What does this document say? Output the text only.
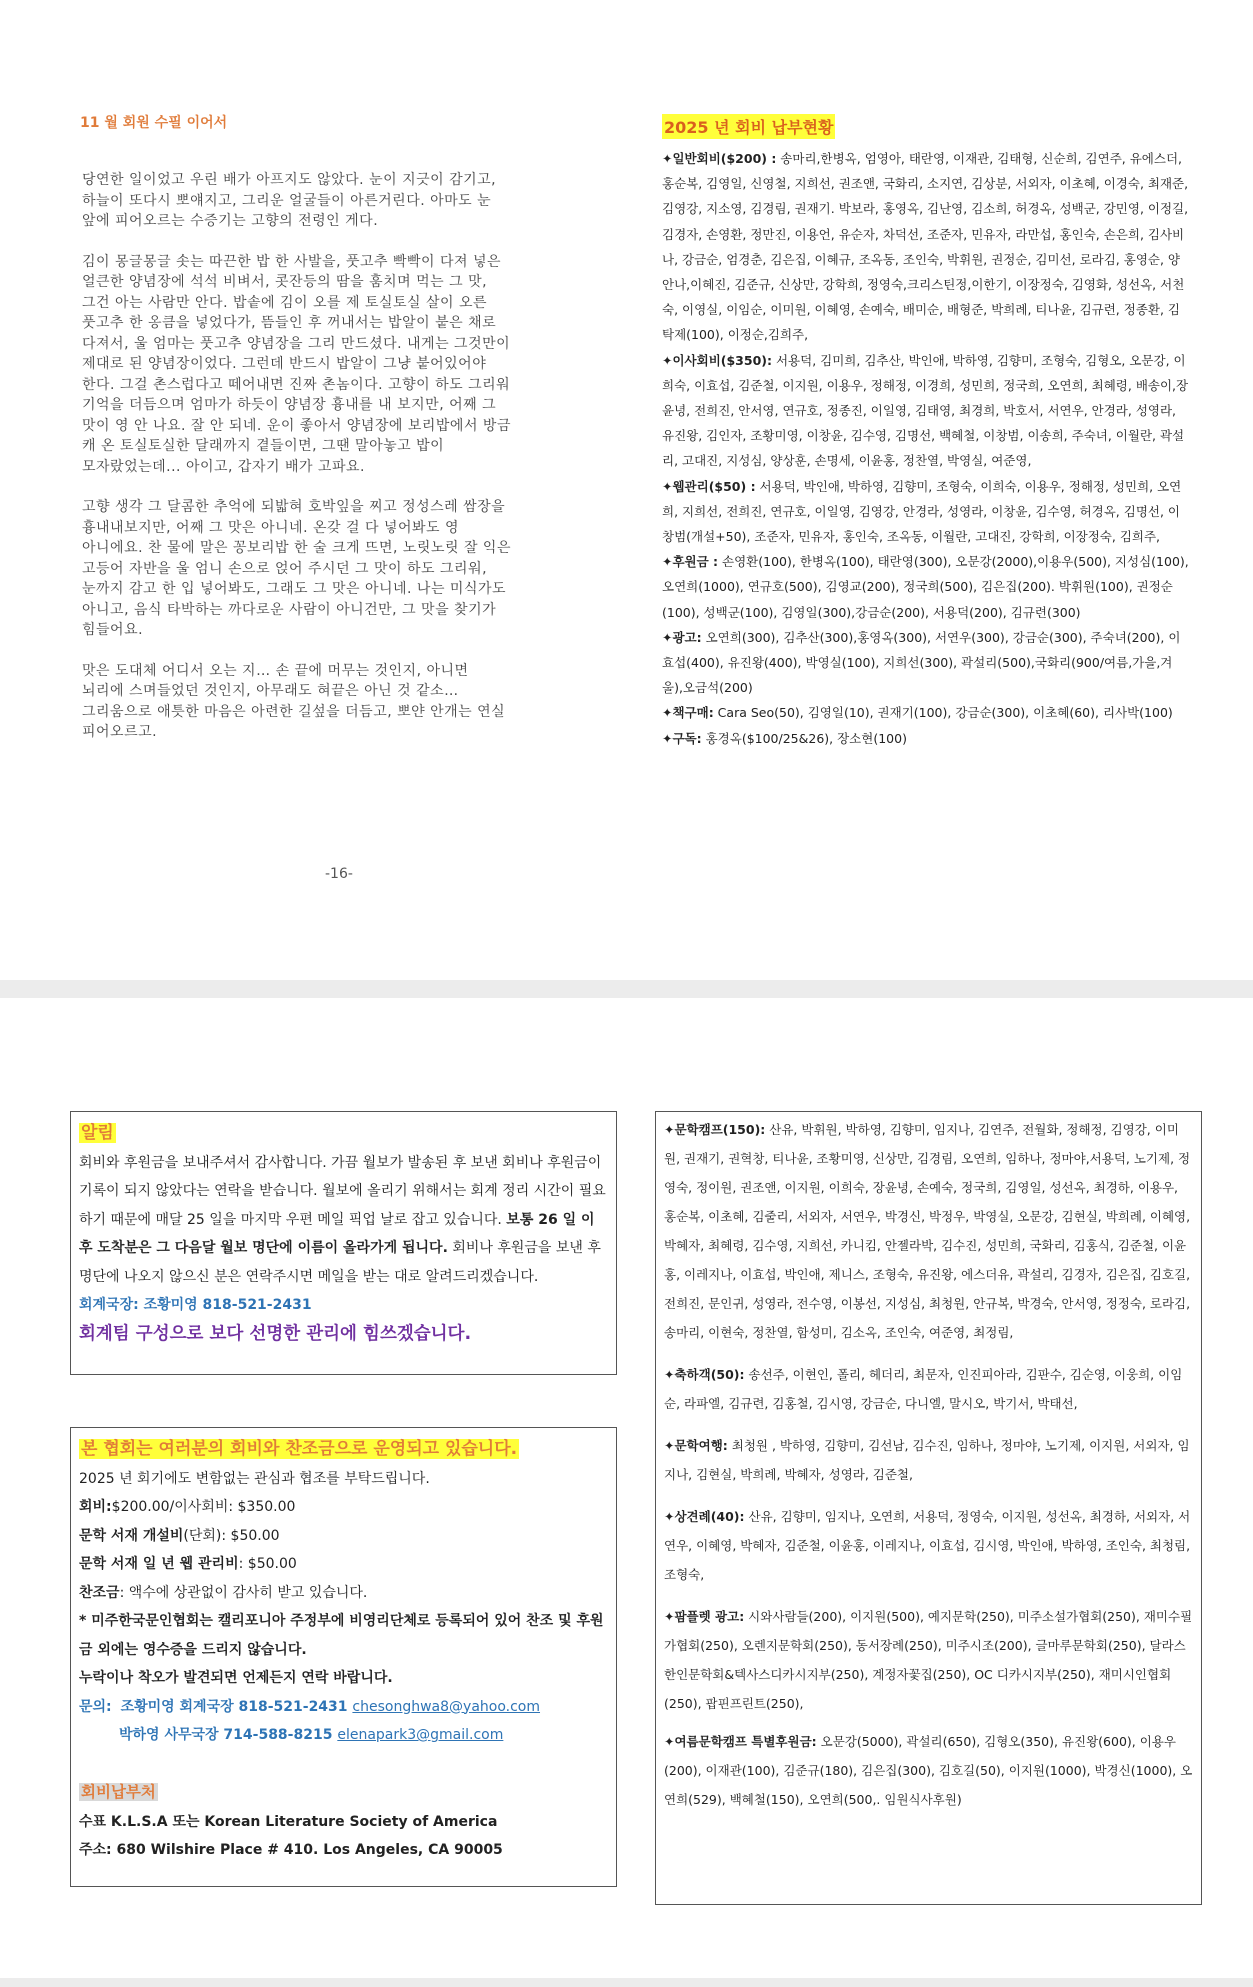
11 월 회원 수필 이어서

당연한 일이었고 우린 배가 아프지도 않았다. 눈이 지긋이 감기고,
하늘이 또다시 뽀얘지고, 그리운 얼굴들이 아른거린다. 아마도 눈
앞에 피어오르는 수증기는 고향의 전령인 게다.

김이 몽글몽글 솟는 따끈한 밥 한 사발을, 풋고추 빡빡이 다져 넣은
얼큰한 양념장에 석석 비벼서, 콧잔등의 땀을 훔치며 먹는 그 맛,
그건 아는 사람만 안다. 밥솥에 김이 오를 제 토실토실 살이 오른
풋고추 한 옹큼을 넣었다가, 뜸들인 후 꺼내서는 밥알이 붙은 채로
다져서, 울 엄마는 풋고추 양념장을 그리 만드셨다. 내게는 그것만이
제대로 된 양념장이었다. 그런데 반드시 밥알이 그냥 붙어있어야
한다. 그걸 촌스럽다고 떼어내면 진짜 촌놈이다. 고향이 하도 그리워
기억을 더듬으며 엄마가 하듯이 양념장 흉내를 내 보지만, 어째 그
맛이 영 안 나요. 잘 안 되네. 운이 좋아서 양념장에 보리밥에서 방금
캐 온 토실토실한 달래까지 곁들이면, 그땐 말아놓고 밥이
모자랐었는데... 아이고, 갑자기 배가 고파요.

고향 생각 그 달콤한 추억에 되밟혀 호박잎을 찌고 정성스레 쌈장을
흉내내보지만, 어째 그 맛은 아니네. 온갖 걸 다 넣어봐도 영
아니에요. 찬 물에 말은 꽁보리밥 한 술 크게 뜨면, 노릿노릿 잘 익은
고등어 자반을 울 엄니 손으로 얹어 주시던 그 맛이 하도 그리워,
눈까지 감고 한 입 넣어봐도, 그래도 그 맛은 아니네. 나는 미식가도
아니고, 음식 타박하는 까다로운 사람이 아니건만, 그 맛을 찾기가
힘들어요.

맛은 도대체 어디서 오는 지… 손 끝에 머무는 것인지, 아니면
뇌리에 스며들었던 것인지, 아무래도 혀끝은 아닌 것 같소…
그리움으로 애틋한 마음은 아련한 길섶을 더듬고, 뽀얀 안개는 연실
피어오르고.

-16-
2025 년 회비 납부현황

✦일반회비($200) : 송마리,한병옥, 엄영아, 태란영, 이재관, 김태형, 신순희, 김연주, 유에스더, 홍순복, 김영일, 신영철, 지희선, 권조앤, 국화리, 소지연, 김상분, 서외자, 이초혜, 이경숙, 최재준, 김영강, 지소영, 김경림, 권재기. 박보라, 홍영옥, 김난영, 김소희, 허경옥, 성백군, 강민영, 이정길, 김경자, 손영환, 정만진, 이용언, 유순자, 차덕선, 조준자, 민유자, 라만섭, 홍인숙, 손은희, 김사비나, 강금순, 엄경춘, 김은집, 이혜규, 조옥동, 조인숙, 박휘원, 권정순, 김미선, 로라김, 홍영순, 양안나,이혜진, 김준규, 신상만, 강학희, 정영숙,크리스틴정,이한기, 이장정숙, 김영화, 성선옥, 서천숙, 이영실, 이임순, 이미원, 이혜영, 손예숙, 배미순, 배형준, 박희례, 티나윤, 김규련, 정종환, 김탁제(100), 이정순,김희주,

✦이사회비($350): 서용덕, 김미희, 김추산, 박인애, 박하영, 김향미, 조형숙, 김형오, 오문강, 이희숙, 이효섭, 김준철, 이지원, 이용우, 정해정, 이경희, 성민희, 정국희, 오연희, 최혜령, 배송이,장윤녕, 전희진, 안서영, 연규호, 정종진, 이일영, 김태영, 최경희, 박호서, 서연우, 안경라, 성영라, 유진왕, 김인자, 조황미영, 이창윤, 김수영, 김명선, 백혜철, 이창범, 이송희, 주숙녀, 이월란, 곽설리, 고대진, 지성심, 양상훈, 손명세, 이윤홍, 정찬열, 박영실, 여준영,

✦웹관리($50) : 서용덕, 박인애, 박하영, 김향미, 조형숙, 이희숙, 이용우, 정해정, 성민희, 오연희, 지희선, 전희진, 연규호, 이일영, 김영강, 안경라, 성영라, 이창윤, 김수영, 허경옥, 김명선, 이창범(개설+50), 조준자, 민유자, 홍인숙, 조옥동, 이월란, 고대진, 강학희, 이장정숙, 김희주,

✦후원금 : 손영환(100), 한병옥(100), 태란영(300), 오문강(2000),이용우(500), 지성심(100), 오연희(1000), 연규호(500), 김영교(200), 정국희(500), 김은집(200). 박휘원(100), 권정순(100), 성백군(100), 김영일(300),강금순(200), 서용덕(200), 김규련(300)

✦광고: 오연희(300), 김추산(300),홍영옥(300), 서연우(300), 강금순(300), 주숙녀(200), 이효섭(400), 유진왕(400), 박영실(100), 지희선(300), 곽설리(500),국화리(900/여름,가을,겨울),오금석(200)

✦책구매: Cara Seo(50), 김영일(10), 권재기(100), 강금순(300), 이초혜(60), 리사박(100)

✦구독: 홍경옥($100/25&26), 장소현(100)

알림
회비와 후원금을 보내주셔서 감사합니다. 가끔 월보가 발송된 후 보낸 회비나 후원금이 기록이 되지 않았다는 연락을 받습니다. 월보에 올리기 위해서는 회계 정리 시간이 필요하기 때문에 매달 25 일을 마지막 우편 메일 픽업 날로 잡고 있습니다. 보통 26 일 이후 도착분은 그 다음달 월보 명단에 이름이 올라가게 됩니다. 회비나 후원금을 보낸 후 명단에 나오지 않으신 분은 연락주시면 메일을 받는 대로 알려드리겠습니다.
회계국장: 조황미영 818-521-2431
회계팀 구성으로 보다 선명한 관리에 힘쓰겠습니다.
본 협회는 여러분의 회비와 찬조금으로 운영되고 있습니다.
2025 년 회기에도 변함없는 관심과 협조를 부탁드립니다.
회비:$200.00/이사회비: $350.00
문학 서재 개설비(단회): $50.00
문학 서재 일 년 웹 관리비: $50.00
찬조금: 액수에 상관없이 감사히 받고 있습니다.
* 미주한국문인협회는 캘리포니아 주정부에 비영리단체로 등록되어 있어 찬조 및 후원금 외에는 영수증을 드리지 않습니다.
누락이나 착오가 발견되면 언제든지 연락 바랍니다.
문의: 조황미영 회계국장 818-521-2431 chesonghwa8@yahoo.com
박하영 사무국장 714-588-8215 elenapark3@gmail.com

회비납부처
수표 K.L.S.A 또는 Korean Literature Society of America
주소: 680 Wilshire Place # 410. Los Angeles, CA 90005

✦문학캠프(150): 산유, 박휘원, 박하영, 김향미, 임지나, 김연주, 전월화, 정해정, 김영강, 이미원, 권재기, 권혁창, 티나윤, 조황미영, 신상만, 김경림, 오연희, 임하나, 정마야,서용덕, 노기제, 정영숙, 정이원, 권조앤, 이지원, 이희숙, 장윤녕, 손예숙, 정국희, 김영일, 성선옥, 최경하, 이용우, 홍순복, 이초혜, 김줄리, 서외자, 서연우, 박경신, 박정우, 박영실, 오문강, 김현실, 박희례, 이혜영, 박혜자, 최혜령, 김수영, 지희선, 카니킴, 안젤라박, 김수진, 성민희, 국화리, 김홍식, 김준철, 이윤홍, 이레지나, 이효섭, 박인애, 제니스, 조형숙, 유진왕, 에스더유, 곽설리, 김경자, 김은집, 김호길, 전희진, 문인귀, 성영라, 전수영, 이봉선, 지성심, 최청원, 안규복, 박경숙, 안서영, 정정숙, 로라김, 송마리, 이현숙, 정찬열, 함성미, 김소옥, 조인숙, 여준영, 최정림,

✦축하객(50): 송선주, 이현인, 폴리, 헤더리, 최문자, 인진피아라, 김판수, 김순영, 이웅희, 이임순, 라파엘, 김규련, 김홍철, 김시영, 강금순, 다니엘, 말시오, 박기서, 박태선,

✦문학여행: 최청원 , 박하영, 김향미, 김선남, 김수진, 임하나, 정마야, 노기제, 이지원, 서외자, 임지나, 김현실, 박희례, 박혜자, 성영라, 김준철,

✦상견례(40): 산유, 김향미, 임지나, 오연희, 서용덕, 정영숙, 이지원, 성선옥, 최경하, 서외자, 서연우, 이혜영, 박혜자, 김준철, 이윤홍, 이레지나, 이효섭, 김시영, 박인애, 박하영, 조인숙, 최청림, 조형숙,

✦팜플렛 광고: 시와사람들(200), 이지원(500), 예지문학(250), 미주소설가협회(250), 재미수필가협회(250), 오렌지문학회(250), 동서장례(250), 미주시조(200), 글마루문학회(250), 달라스한인문학회&텍사스디카시지부(250), 계정자꽃집(250), OC 디카시지부(250), 재미시인협회(250), 팝핀프린트(250),

✦여름문학캠프 특별후원금: 오문강(5000), 곽설리(650), 김형오(350), 유진왕(600), 이용우(200), 이재관(100), 김준규(180), 김은집(300), 김호길(50), 이지원(1000), 박경신(1000), 오연희(529), 백혜철(150), 오연희(500,. 임원식사후원)
